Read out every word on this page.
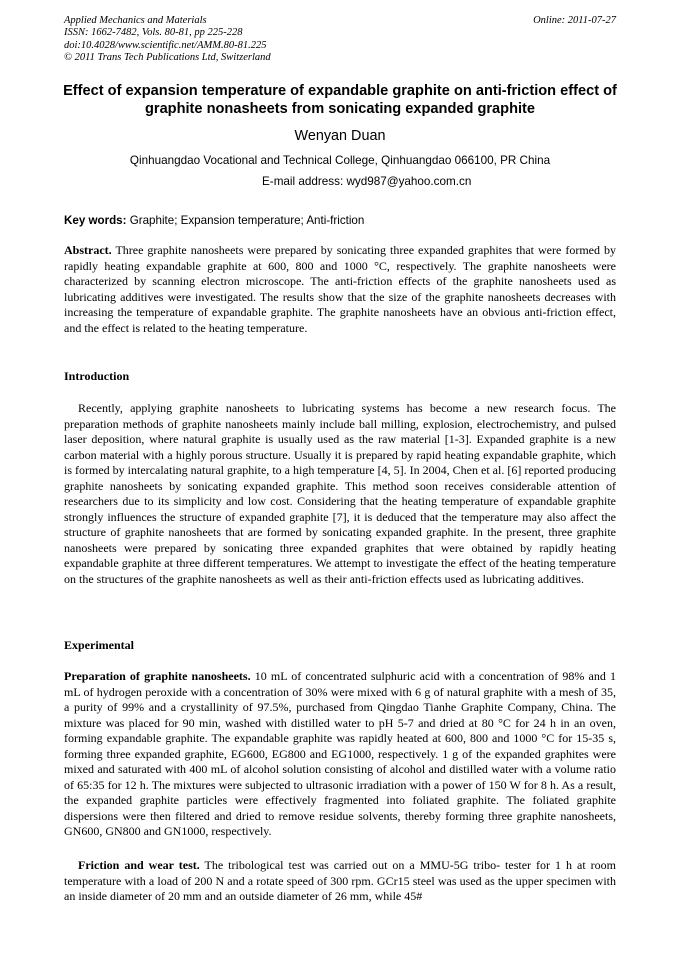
Applied Mechanics and Materials
ISSN: 1662-7482, Vols. 80-81, pp 225-228
doi:10.4028/www.scientific.net/AMM.80-81.225
© 2011 Trans Tech Publications Ltd, Switzerland
Online: 2011-07-27
Effect of expansion temperature of expandable graphite on anti-friction effect of graphite nonasheets from sonicating expanded graphite
Wenyan Duan
Qinhuangdao Vocational and Technical College, Qinhuangdao 066100, PR China
E-mail address: wyd987@yahoo.com.cn
Key words: Graphite; Expansion temperature; Anti-friction
Abstract. Three graphite nanosheets were prepared by sonicating three expanded graphites that were formed by rapidly heating expandable graphite at 600, 800 and 1000 °C, respectively. The graphite nanosheets were characterized by scanning electron microscope. The anti-friction effects of the graphite nanosheets used as lubricating additives were investigated. The results show that the size of the graphite nanosheets decreases with increasing the temperature of expandable graphite. The graphite nanosheets have an obvious anti-friction effect, and the effect is related to the heating temperature.
Introduction
Recently, applying graphite nanosheets to lubricating systems has become a new research focus. The preparation methods of graphite nanosheets mainly include ball milling, explosion, electrochemistry, and pulsed laser deposition, where natural graphite is usually used as the raw material [1-3]. Expanded graphite is a new carbon material with a highly porous structure. Usually it is prepared by rapid heating expandable graphite, which is formed by intercalating natural graphite, to a high temperature [4, 5]. In 2004, Chen et al. [6] reported producing graphite nanosheets by sonicating expanded graphite. This method soon receives considerable attention of researchers due to its simplicity and low cost. Considering that the heating temperature of expandable graphite strongly influences the structure of expanded graphite [7], it is deduced that the temperature may also affect the structure of graphite nanosheets that are formed by sonicating expanded graphite. In the present, three graphite nanosheets were prepared by sonicating three expanded graphites that were obtained by rapidly heating expandable graphite at three different temperatures. We attempt to investigate the effect of the heating temperature on the structures of the graphite nanosheets as well as their anti-friction effects used as lubricating additives.
Experimental
Preparation of graphite nanosheets. 10 mL of concentrated sulphuric acid with a concentration of 98% and 1 mL of hydrogen peroxide with a concentration of 30% were mixed with 6 g of natural graphite with a mesh of 35, a purity of 99% and a crystallinity of 97.5%, purchased from Qingdao Tianhe Graphite Company, China. The mixture was placed for 90 min, washed with distilled water to pH 5-7 and dried at 80 °C for 24 h in an oven, forming expandable graphite. The expandable graphite was rapidly heated at 600, 800 and 1000 °C for 15-35 s, forming three expanded graphite, EG600, EG800 and EG1000, respectively. 1 g of the expanded graphites were mixed and saturated with 400 mL of alcohol solution consisting of alcohol and distilled water with a volume ratio of 65:35 for 12 h. The mixtures were subjected to ultrasonic irradiation with a power of 150 W for 8 h. As a result, the expanded graphite particles were effectively fragmented into foliated graphite. The foliated graphite dispersions were then filtered and dried to remove residue solvents, thereby forming three graphite nanosheets, GN600, GN800 and GN1000, respectively.
Friction and wear test. The tribological test was carried out on a MMU-5G tribo- tester for 1 h at room temperature with a load of 200 N and a rotate speed of 300 rpm. GCr15 steel was used as the upper specimen with an inside diameter of 20 mm and an outside diameter of 26 mm, while 45#
